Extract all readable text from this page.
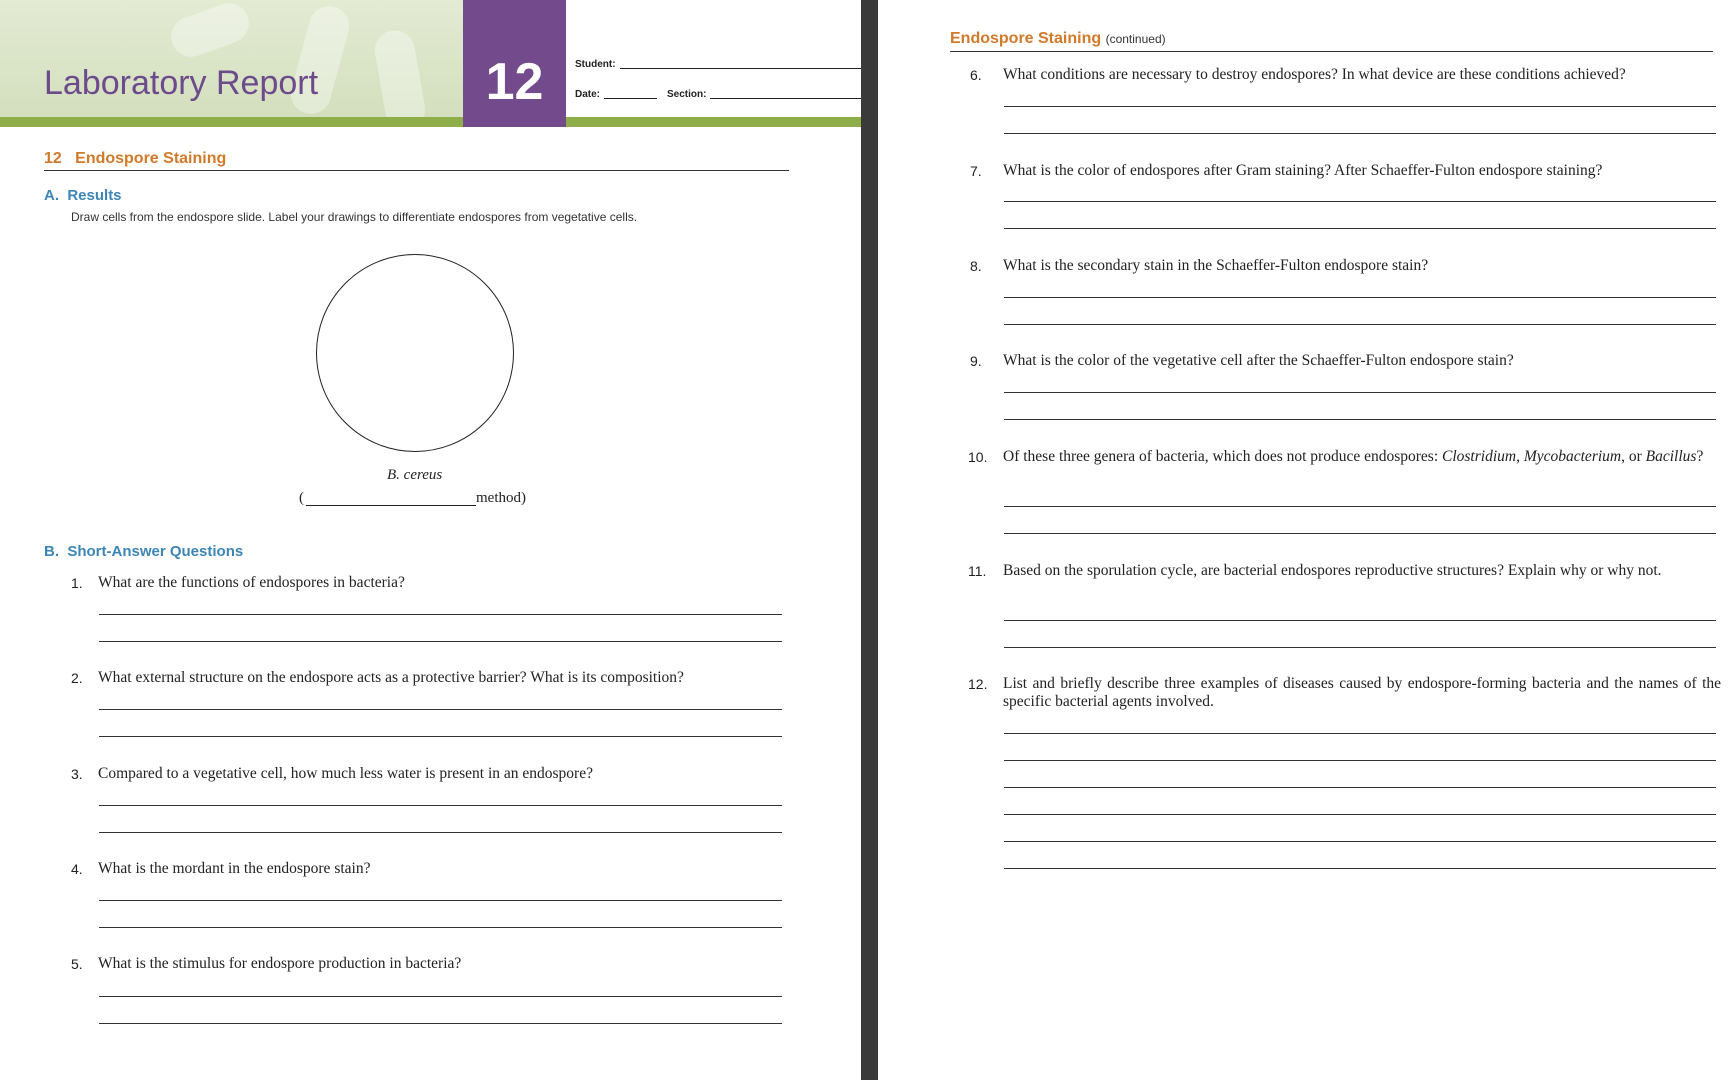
Laboratory Report	12	Student:
Date:	Section:
12 Endospore Staining
A. Results
Draw cells from the endospore slide. Label your drawings to differentiate endospores from vegetative cells.
B. cereus
(	method)
B. Short-Answer Questions
1. What are the functions of endospores in bacteria?
2. What external structure on the endospore acts as a protective barrier? What is its composition?
3. Compared to a vegetative cell, how much less water is present in an endospore?
4. What is the mordant in the endospore stain?
5. What is the stimulus for endospore production in bacteria?
Endospore Staining (continued)
6. What conditions are necessary to destroy endospores? In what device are these conditions achieved?
7. What is the color of endospores after Gram staining? After Schaeffer-Fulton endospore staining?
8. What is the secondary stain in the Schaeffer-Fulton endospore stain?
9. What is the color of the vegetative cell after the Schaeffer-Fulton endospore stain?
10. Of these three genera of bacteria, which does not produce endospores: Clostridium, Mycobacterium, or Bacillus?
11. Based on the sporulation cycle, are bacterial endospores reproductive structures? Explain why or why not.
12. List and briefly describe three examples of diseases caused by endospore-forming bacteria and the names of the specific bacterial agents involved.
